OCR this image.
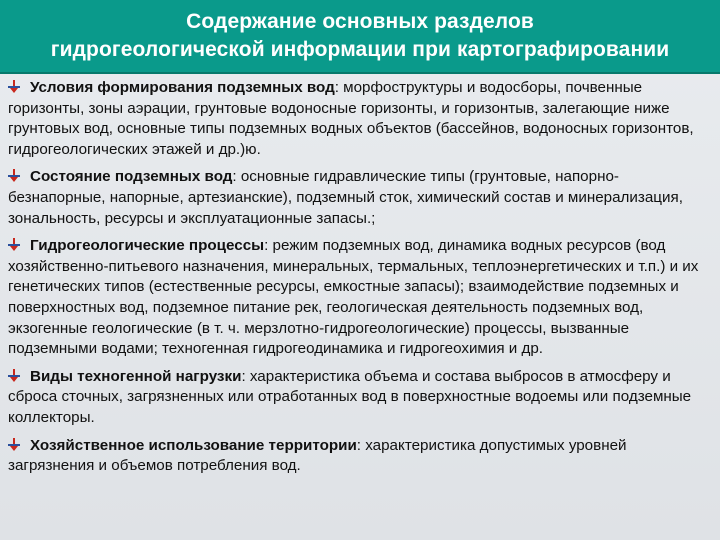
Содержание основных разделов
гидрогеологической информации при картографировании
Условия формирования подземных вод: морфоструктуры и водосборы, почвенные горизонты, зоны аэрации, грунтовые водоносные горизонты, и горизонтыв, залегающие ниже грунтовых вод, основные типы подземных водных объектов (бассейнов, водоносных горизонтов, гидрогеологических этажей и др.)ю.
Состояние подземных вод: основные гидравлические типы (грунтовые, напорно-безнапорные, напорные, артезианские), подземный сток, химический состав и минерализация, зональность, ресурсы и эксплуатационные запасы.;
Гидрогеологические процессы: режим подземных вод, динамика водных ресурсов (вод хозяйственно-питьевого назначения, минеральных, термальных, теплоэнергетических и т.п.) и их генетических типов (естественные ресурсы, емкостные запасы); взаимодействие подземных и поверхностных вод, подземное питание рек, геологическая деятельность подземных вод, экзогенные геологические (в т. ч. мерзлотно-гидрогеологические) процессы, вызванные подземными водами; техногенная гидрогеодинамика и гидрогеохимия и др.
Виды техногенной нагрузки: характеристика объема и состава выбросов в атмосферу и сброса сточных, загрязненных или отработанных вод в поверхностные водоемы или подземные коллекторы.
Хозяйственное использование территории: характеристика допустимых уровней загрязнения и объемов потребления вод.
